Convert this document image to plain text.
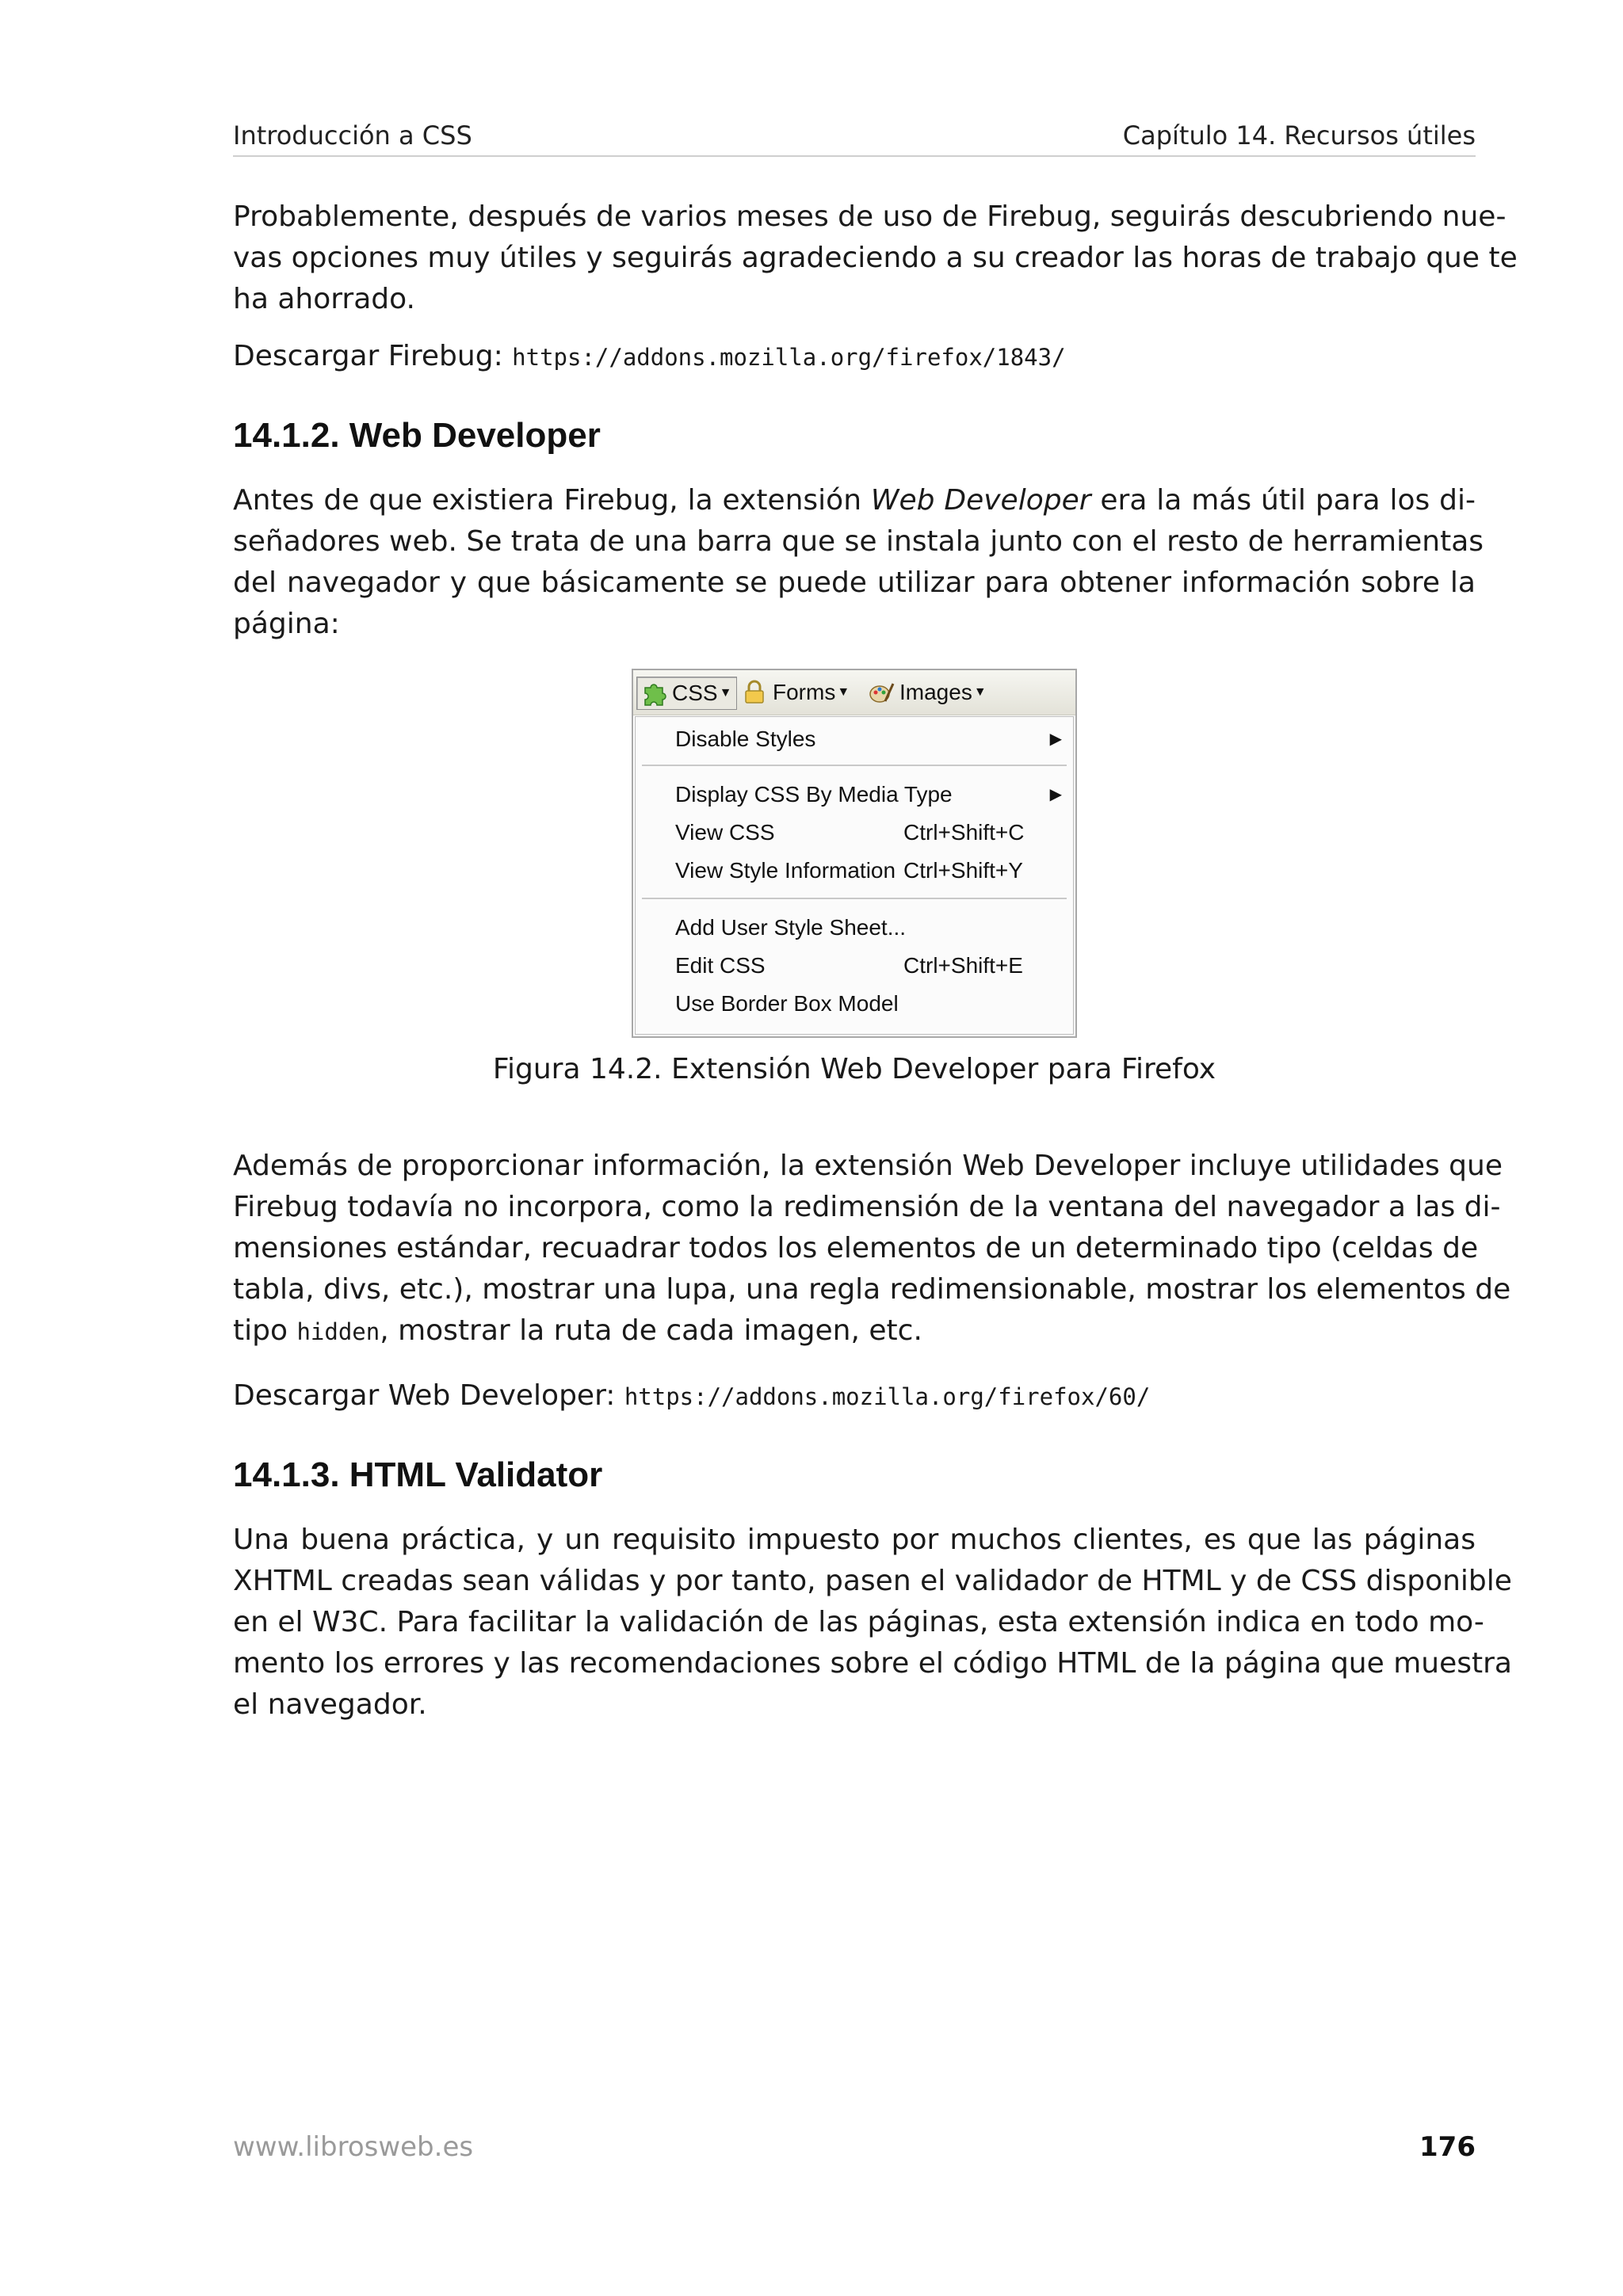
Introducción a CSS	Capítulo 14. Recursos útiles

Probablemente, después de varios meses de uso de Firebug, seguirás descubriendo nue-
vas opciones muy útiles y seguirás agradeciendo a su creador las horas de trabajo que te
ha ahorrado.

Descargar Firebug: https://addons.mozilla.org/firefox/1843/

14.1.2. Web Developer

Antes de que existiera Firebug, la extensión Web Developer era la más útil para los di-
señadores web. Se trata de una barra que se instala junto con el resto de herramientas
del navegador y que básicamente se puede utilizar para obtener información sobre la
página:

CSS ▼ Forms ▼ Images ▼
Disable Styles	▶
Display CSS By Media Type	▶
View CSS	Ctrl+Shift+C
View Style Information Ctrl+Shift+Y
Add User Style Sheet...
Edit CSS	Ctrl+Shift+E
Use Border Box Model
Figura 14.2. Extensión Web Developer para Firefox

Además de proporcionar información, la extensión Web Developer incluye utilidades que
Firebug todavía no incorpora, como la redimensión de la ventana del navegador a las di-
mensiones estándar, recuadrar todos los elementos de un determinado tipo (celdas de
tabla, divs, etc.), mostrar una lupa, una regla redimensionable, mostrar los elementos de
tipo hidden, mostrar la ruta de cada imagen, etc.

Descargar Web Developer: https://addons.mozilla.org/firefox/60/

14.1.3. HTML Validator

Una buena práctica, y un requisito impuesto por muchos clientes, es que las páginas
XHTML creadas sean válidas y por tanto, pasen el validador de HTML y de CSS disponible
en el W3C. Para facilitar la validación de las páginas, esta extensión indica en todo mo-
mento los errores y las recomendaciones sobre el código HTML de la página que muestra
el navegador.

www.librosweb.es	176
